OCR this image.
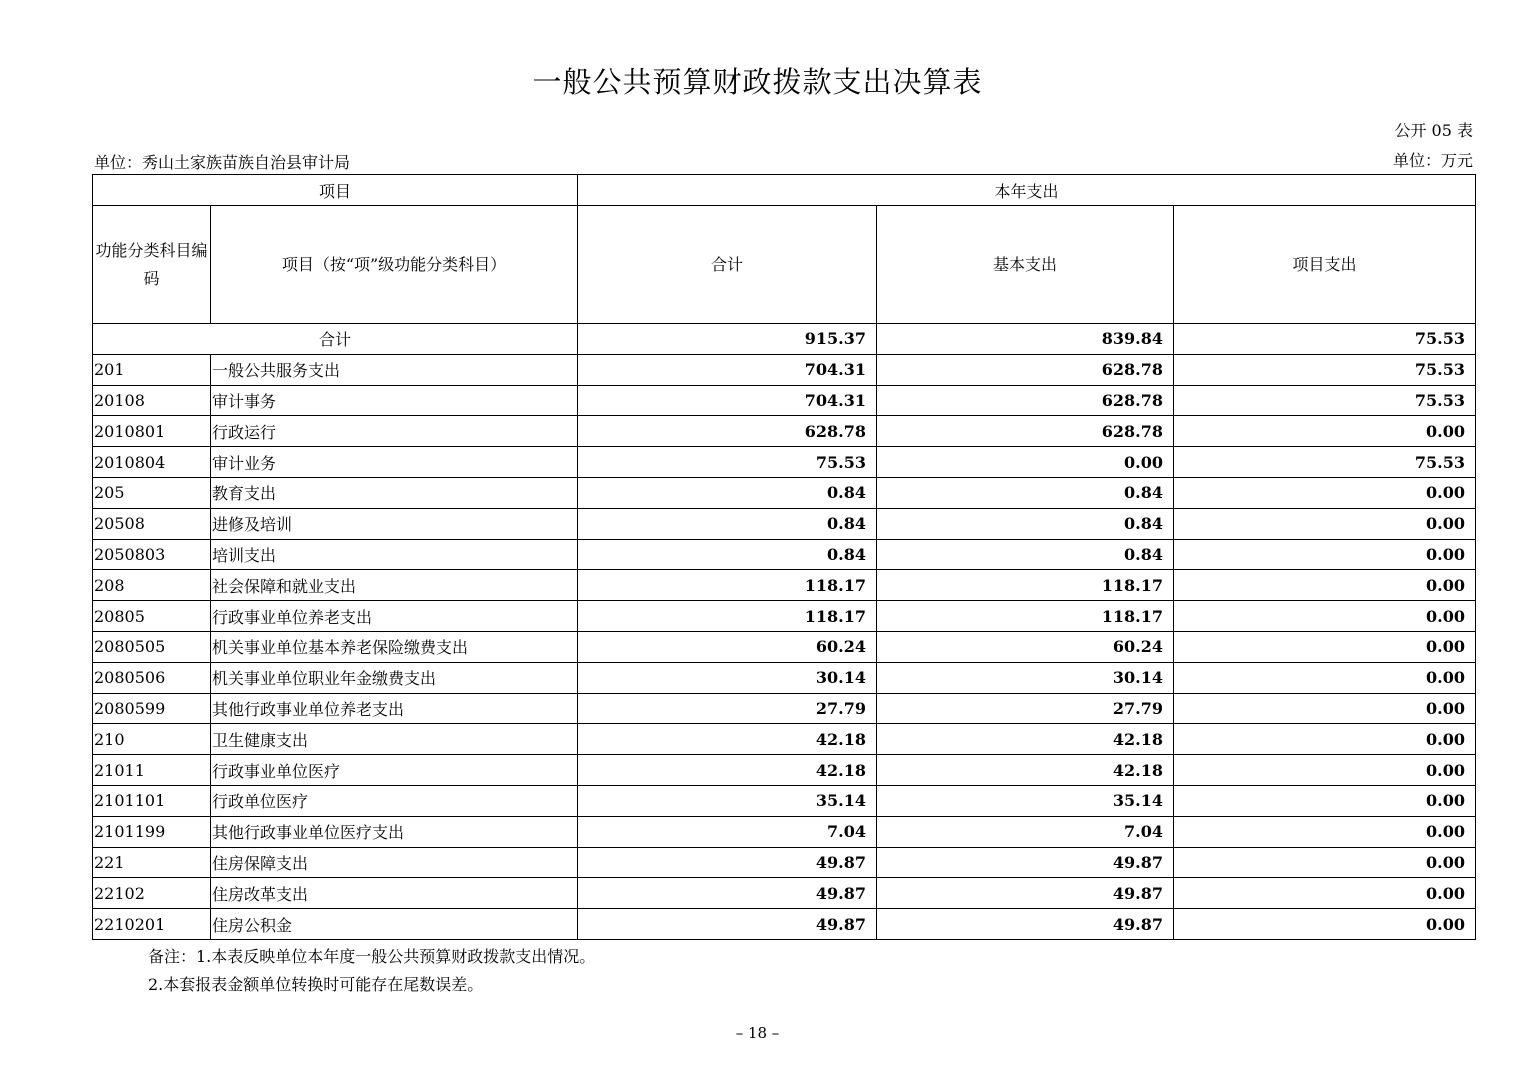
一般公共预算财政拨款支出决算表
公开 05 表
单位：秀山土家族苗族自治县审计局	单位：万元
项目		本年支出		
功能分类科目编码	项目（按“项”级功能分类科目）	合计	基本支出	项目支出
合计		915.37	839.84	75.53
201	一般公共服务支出	704.31	628.78	75.53
20108	审计事务	704.31	628.78	75.53
2010801	行政运行	628.78	628.78	0.00
2010804	审计业务	75.53	0.00	75.53
205	教育支出	0.84	0.84	0.00
20508	进修及培训	0.84	0.84	0.00
2050803	培训支出	0.84	0.84	0.00
208	社会保障和就业支出	118.17	118.17	0.00
20805	行政事业单位养老支出	118.17	118.17	0.00
2080505	机关事业单位基本养老保险缴费支出	60.24	60.24	0.00
2080506	机关事业单位职业年金缴费支出	30.14	30.14	0.00
2080599	其他行政事业单位养老支出	27.79	27.79	0.00
210	卫生健康支出	42.18	42.18	0.00
21011	行政事业单位医疗	42.18	42.18	0.00
2101101	行政单位医疗	35.14	35.14	0.00
2101199	其他行政事业单位医疗支出	7.04	7.04	0.00
221	住房保障支出	49.87	49.87	0.00
22102	住房改革支出	49.87	49.87	0.00
2210201	住房公积金	49.87	49.87	0.00
备注：1.本表反映单位本年度一般公共预算财政拨款支出情况。
2.本套报表金额单位转换时可能存在尾数误差。
– 18 –
